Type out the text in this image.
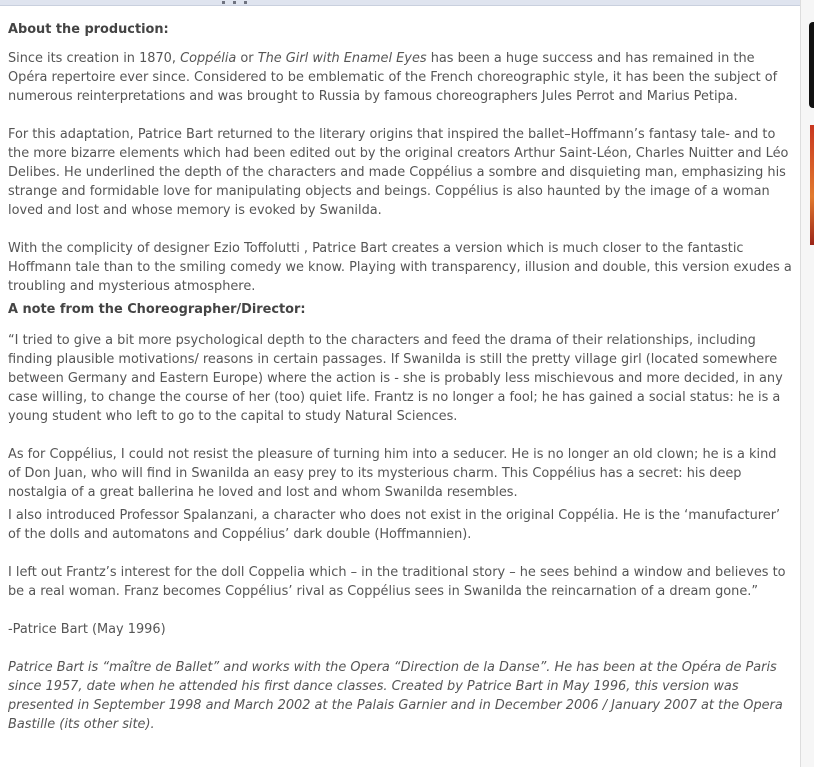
About the production:

Since its creation in 1870, Coppélia or The Girl with Enamel Eyes has been a huge success and has remained in the Opéra repertoire ever since. Considered to be emblematic of the French choreographic style, it has been the subject of numerous reinterpretations and was brought to Russia by famous choreographers Jules Perrot and Marius Petipa.

For this adaptation, Patrice Bart returned to the literary origins that inspired the ballet–Hoffmann’s fantasy tale- and to the more bizarre elements which had been edited out by the original creators Arthur Saint-Léon, Charles Nuitter and Léo Delibes. He underlined the depth of the characters and made Coppélius a sombre and disquieting man, emphasizing his strange and formidable love for manipulating objects and beings. Coppélius is also haunted by the image of a woman loved and lost and whose memory is evoked by Swanilda.

With the complicity of designer Ezio Toffolutti , Patrice Bart creates a version which is much closer to the fantastic Hoffmann tale than to the smiling comedy we know. Playing with transparency, illusion and double, this version exudes a troubling and mysterious atmosphere.

A note from the Choreographer/Director:

“I tried to give a bit more psychological depth to the characters and feed the drama of their relationships, including finding plausible motivations/ reasons in certain passages. If Swanilda is still the pretty village girl (located somewhere between Germany and Eastern Europe) where the action is - she is probably less mischievous and more decided, in any case willing, to change the course of her (too) quiet life. Frantz is no longer a fool; he has gained a social status: he is a young student who left to go to the capital to study Natural Sciences.

As for Coppélius, I could not resist the pleasure of turning him into a seducer. He is no longer an old clown; he is a kind of Don Juan, who will find in Swanilda an easy prey to its mysterious charm. This Coppélius has a secret: his deep nostalgia of a great ballerina he loved and lost and whom Swanilda resembles.

I also introduced Professor Spalanzani, a character who does not exist in the original Coppélia. He is the ‘manufacturer’ of the dolls and automatons and Coppélius’ dark double (Hoffmannien).

I left out Frantz’s interest for the doll Coppelia which – in the traditional story – he sees behind a window and believes to be a real woman. Franz becomes Coppélius’ rival as Coppélius sees in Swanilda the reincarnation of a dream gone.”

-Patrice Bart (May 1996)

Patrice Bart is “maître de Ballet” and works with the Opera “Direction de la Danse”. He has been at the Opéra de Paris since 1957, date when he attended his first dance classes. Created by Patrice Bart in May 1996, this version was presented in September 1998 and March 2002 at the Palais Garnier and in December 2006 / January 2007 at the Opera Bastille (its other site).
